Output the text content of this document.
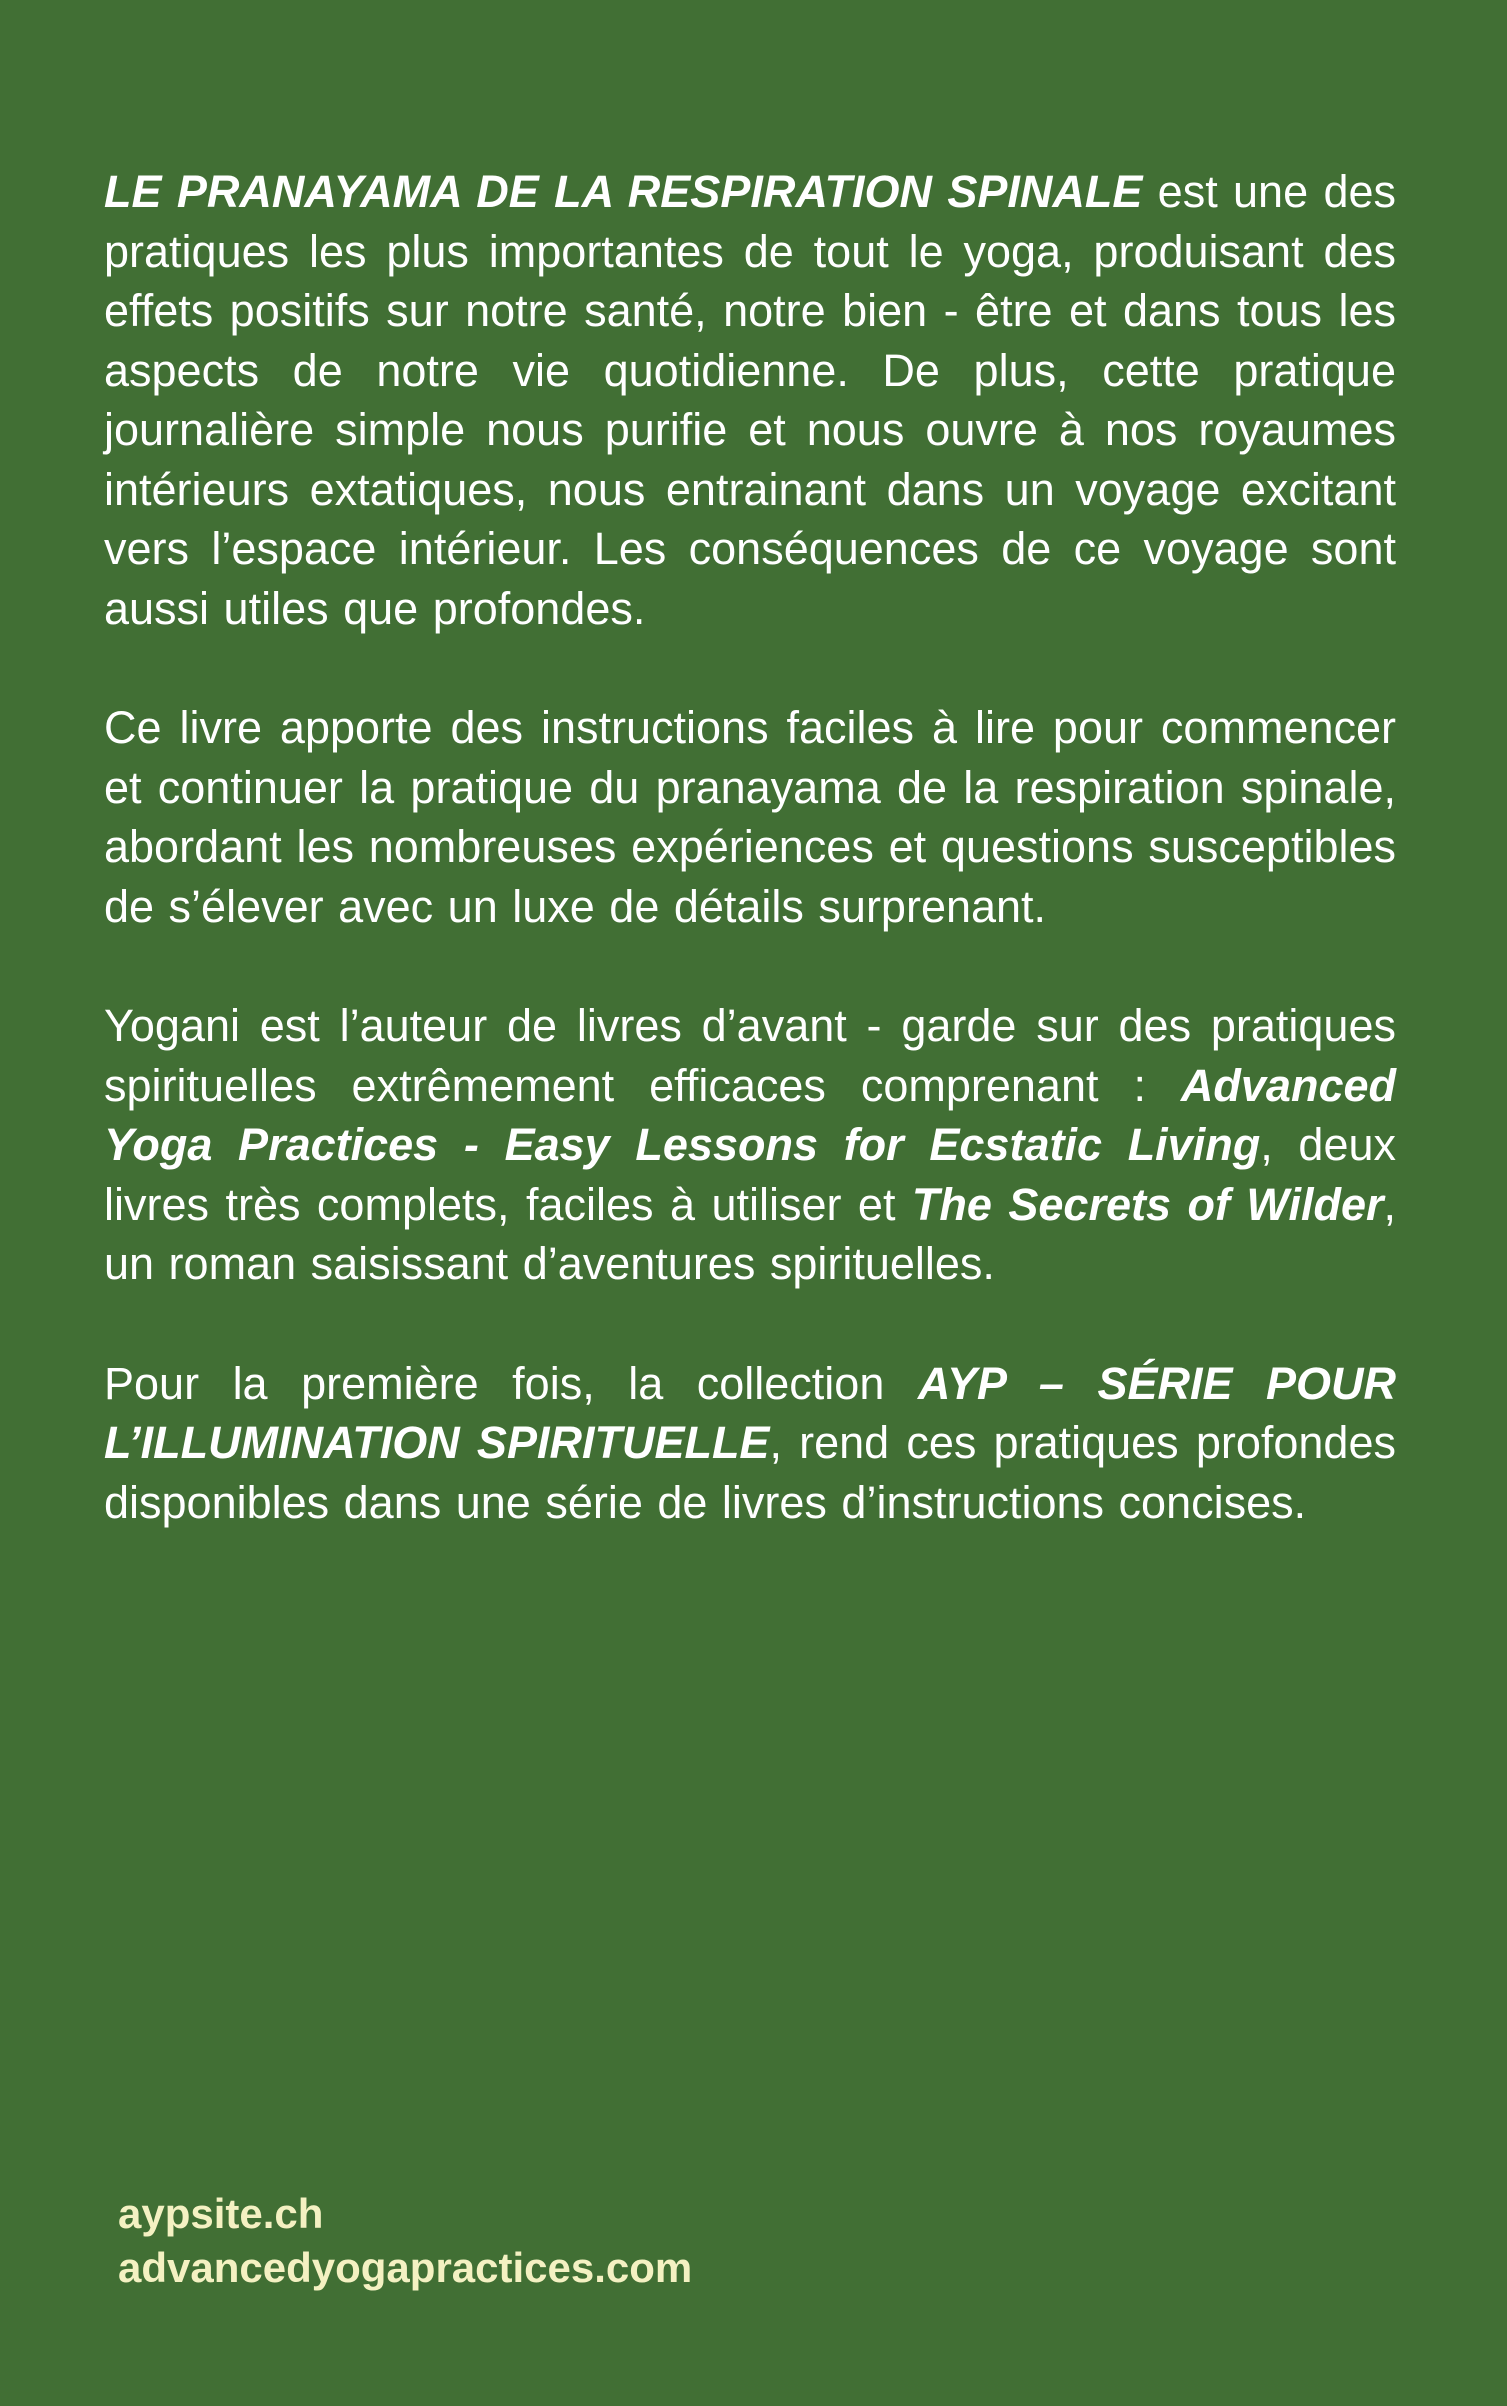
LE PRANAYAMA DE LA RESPIRATION SPINALE est une des pratiques les plus importantes de tout le yoga, produisant des effets positifs sur notre santé, notre bien - être et dans tous les aspects de notre vie quotidienne. De plus, cette pratique journalière simple nous purifie et nous ouvre à nos royaumes intérieurs extatiques, nous entrainant dans un voyage excitant vers l’espace intérieur. Les conséquences de ce voyage sont aussi utiles que profondes.

Ce livre apporte des instructions faciles à lire pour commencer et continuer la pratique du pranayama de la respiration spinale, abordant les nombreuses expériences et questions susceptibles de s’élever avec un luxe de détails surprenant.

Yogani est l’auteur de livres d’avant - garde sur des pratiques spirituelles extrêmement efficaces comprenant : Advanced Yoga Practices - Easy Lessons for Ecstatic Living, deux livres très complets, faciles à utiliser et The Secrets of Wilder, un roman saisissant d’aventures spirituelles.

Pour la première fois, la collection AYP – SÉRIE POUR L’ILLUMINATION SPIRITUELLE, rend ces pratiques profondes disponibles dans une série de livres d’instructions concises.

aypsite.ch
advancedyogapractices.com
